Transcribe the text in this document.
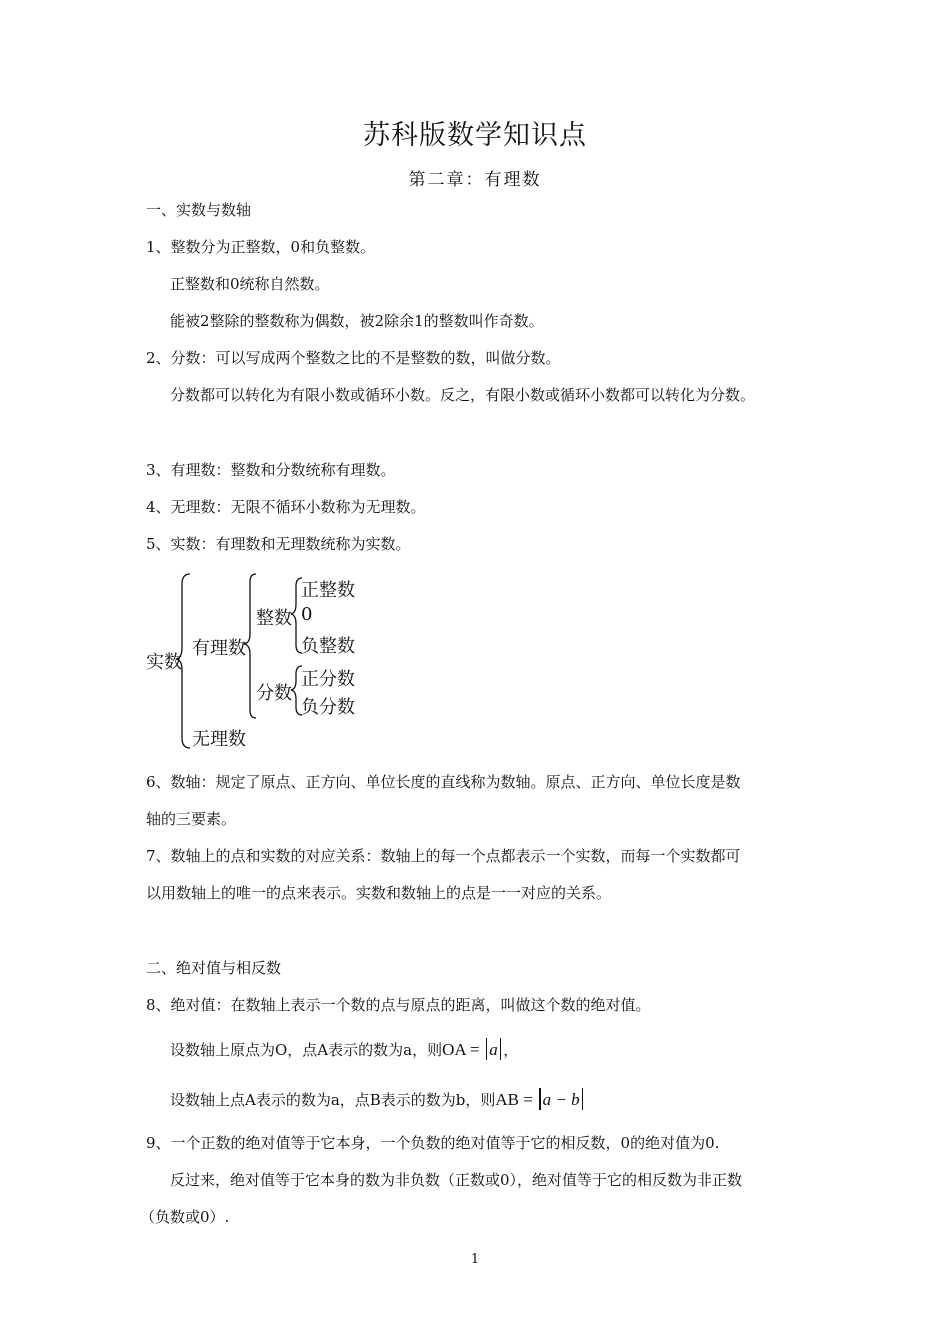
苏科版数学知识点
第二章：有理数
一、实数与数轴
1、整数分为正整数，0和负整数。
正整数和0统称自然数。
能被2整除的整数称为偶数，被2除余1的整数叫作奇数。
2、分数：可以写成两个整数之比的不是整数的数，叫做分数。
分数都可以转化为有限小数或循环小数。反之，有限小数或循环小数都可以转化为分数。
3、有理数：整数和分数统称有理数。
4、无理数：无限不循环小数称为无理数。
5、实数：有理数和无理数统称为实数。
实数
有理数
无理数
整数
分数
正整数
0
负整数
正分数
负分数
6、数轴：规定了原点、正方向、单位长度的直线称为数轴。原点、正方向、单位长度是数
轴的三要素。
7、数轴上的点和实数的对应关系：数轴上的每一个点都表示一个实数，而每一个实数都可
以用数轴上的唯一的点来表示。实数和数轴上的点是一一对应的关系。
二、绝对值与相反数
8、绝对值：在数轴上表示一个数的点与原点的距离，叫做这个数的绝对值。
设数轴上原点为O，点A表示的数为a，则OA = a ，
设数轴上点A表示的数为a，点B表示的数为b，则AB = a − b
9、一个正数的绝对值等于它本身，一个负数的绝对值等于它的相反数，0的绝对值为0.
反过来，绝对值等于它本身的数为非负数（正数或0），绝对值等于它的相反数为非正数
（负数或0）.
1
